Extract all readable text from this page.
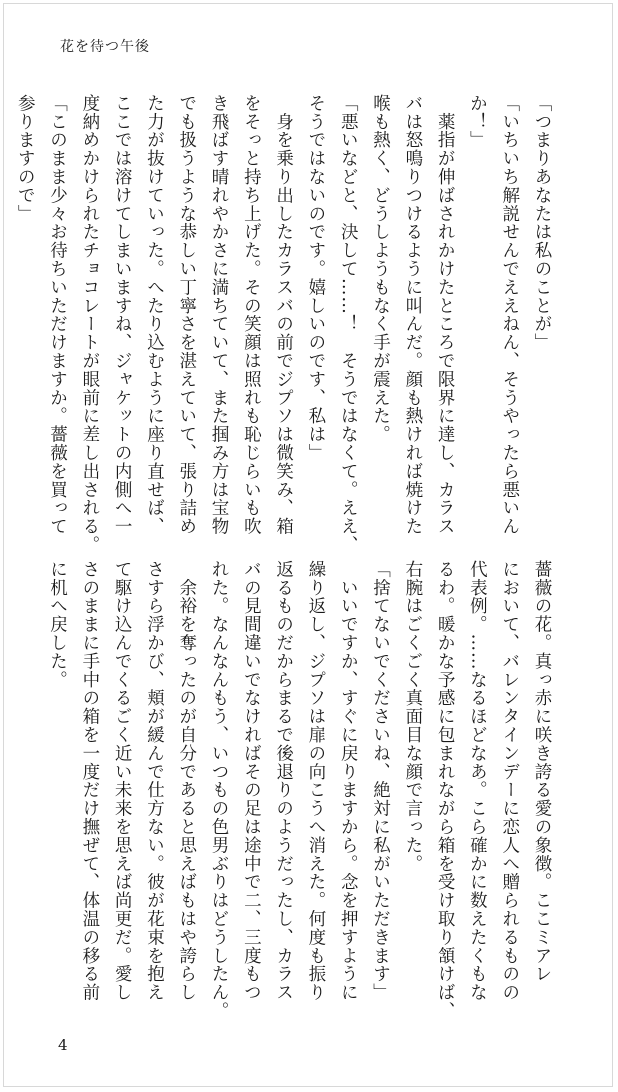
花を待つ午後

「つまりあなたは私のことが」

「いちいち解説せんでええねん、そうやったら悪いん

か！」

　薬指が伸ばされかけたところで限界に達し、カラス

バは怒鳴りつけるように叫んだ。顔も熱ければ焼けた

喉も熱く、どうしようもなく手が震えた。

「悪いなどと、決して……！　そうではなくて。ええ、

そうではないのです。嬉しいのです、私は」

　身を乗り出したカラスバの前でジプソは微笑み、箱

をそっと持ち上げた。その笑顔は照れも恥じらいも吹

き飛ばす晴れやかさに満ちていて、また掴み方は宝物

でも扱うような恭しい丁寧さを湛えていて、張り詰め

た力が抜けていった。へたり込むように座り直せば、

ここでは溶けてしまいますね、ジャケットの内側へ一

度納めかけられたチョコレートが眼前に差し出される。

「このまま少々お待ちいただけますか。薔薇を買って

参りますので」

薔薇の花。真っ赤に咲き誇る愛の象徴。ここミアレ

において、バレンタインデーに恋人へ贈られるものの

代表例。……なるほどなあ。こら確かに数えたくもな

るわ。暖かな予感に包まれながら箱を受け取り頷けば、

右腕はごくごく真面目な顔で言った。

「捨てないでくださいね、絶対に私がいただきます」

　いいですか、すぐに戻りますから。念を押すように

繰り返し、ジプソは扉の向こうへ消えた。何度も振り

返るものだからまるで後退りのようだったし、カラス

バの見間違いでなければその足は途中で二、三度もつ

れた。なんなんもう、いつもの色男ぶりはどうしたん。

　余裕を奪ったのが自分であると思えばもはや誇らし

さすら浮かび、頬が緩んで仕方ない。彼が花束を抱え

て駆け込んでくるごく近い未来を思えば尚更だ。愛し

さのままに手中の箱を一度だけ撫ぜて、体温の移る前

に机へ戻した。

4
